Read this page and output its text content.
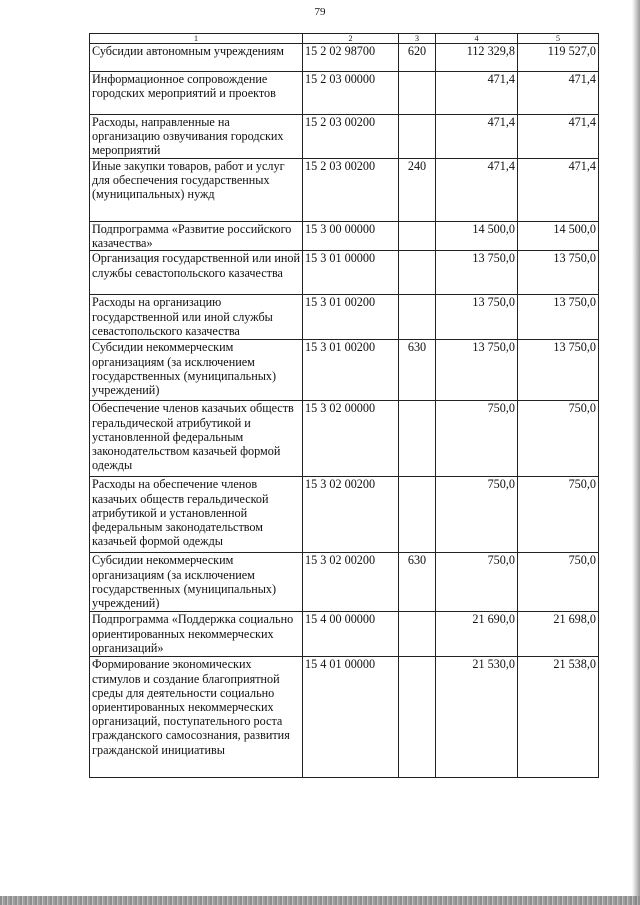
79
1	2	3	4	5
Субсидии автономным учреждениям	15 2 02 98700	620	112 329,8	119 527,0
Информационное сопровождение городских мероприятий и проектов	15 2 03 00000		471,4	471,4
Расходы, направленные на организацию озвучивания городских мероприятий	15 2 03 00200		471,4	471,4
Иные закупки товаров, работ и услуг для обеспечения государственных (муниципальных) нужд	15 2 03 00200	240	471,4	471,4
Подпрограмма «Развитие российского казачества»	15 3 00 00000		14 500,0	14 500,0
Организация государственной или иной службы севастопольского казачества	15 3 01 00000		13 750,0	13 750,0
Расходы на организацию государственной или иной службы севастопольского казачества	15 3 01 00200		13 750,0	13 750,0
Субсидии некоммерческим организациям (за исключением государственных (муниципальных) учреждений)	15 3 01 00200	630	13 750,0	13 750,0
Обеспечение членов казачьих обществ геральдической атрибутикой и установленной федеральным законодательством казачьей формой одежды	15 3 02 00000		750,0	750,0
Расходы на обеспечение членов казачьих обществ геральдической атрибутикой и установленной федеральным законодательством казачьей формой одежды	15 3 02 00200		750,0	750,0
Субсидии некоммерческим организациям (за исключением государственных (муниципальных) учреждений)	15 3 02 00200	630	750,0	750,0
Подпрограмма «Поддержка социально ориентированных некоммерческих организаций»	15 4 00 00000		21 690,0	21 698,0
Формирование экономических стимулов и создание благоприятной среды для деятельности социально ориентированных некоммерческих организаций, поступательного роста гражданского самосознания, развития гражданской инициативы	15 4 01 00000		21 530,0	21 538,0
